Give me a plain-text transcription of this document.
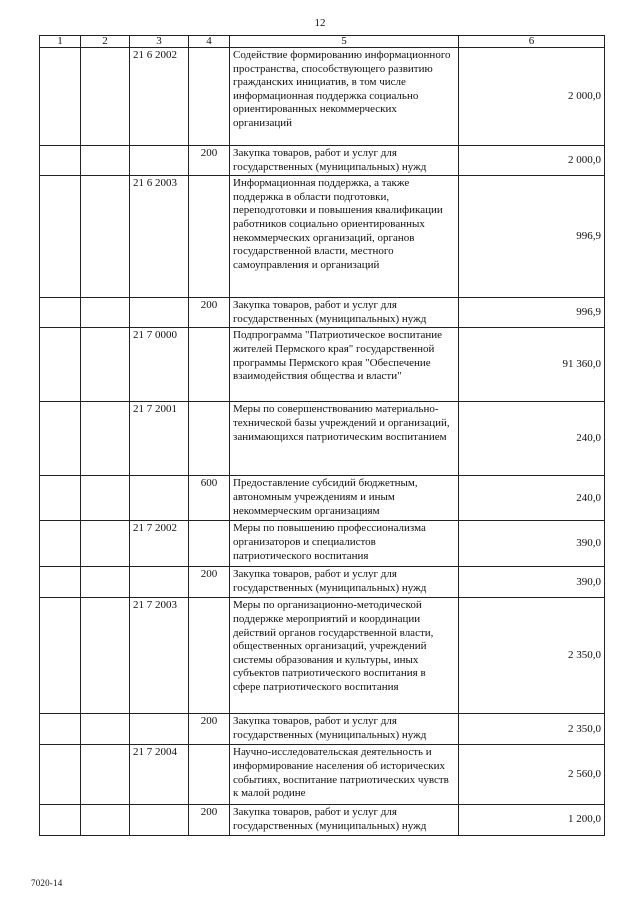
12
1	2	3	4	5	6
		21 6 2002		Содействие формированию информационного пространства, способствующего развитию гражданских инициатив, в том числе информационная поддержка социально ориентированных некоммерческих организаций	2 000,0
			200	Закупка товаров, работ и услуг для государственных (муниципальных) нужд	2 000,0
		21 6 2003		Информационная поддержка, а также поддержка в области подготовки, переподготовки и повышения квалификации работников социально ориентированных некоммерческих организаций, органов государственной власти, местного самоуправления и организаций	996,9
			200	Закупка товаров, работ и услуг для государственных (муниципальных) нужд	996,9
		21 7 0000		Подпрограмма "Патриотическое воспитание жителей Пермского края" государственной программы Пермского края "Обеспечение взаимодействия общества и власти"	91 360,0
		21 7 2001		Меры по совершенствованию материально-технической базы учреждений и организаций, занимающихся патриотическим воспитанием	240,0
			600	Предоставление субсидий бюджетным, автономным учреждениям и иным некоммерческим организациям	240,0
		21 7 2002		Меры по повышению профессионализма организаторов и специалистов патриотического воспитания	390,0
			200	Закупка товаров, работ и услуг для государственных (муниципальных) нужд	390,0
		21 7 2003		Меры по организационно-методической поддержке мероприятий и координации действий органов государственной власти, общественных организаций, учреждений системы образования и культуры, иных субъектов патриотического воспитания в сфере патриотического воспитания	2 350,0
			200	Закупка товаров, работ и услуг для государственных (муниципальных) нужд	2 350,0
		21 7 2004		Научно-исследовательская деятельность и информирование населения об исторических событиях, воспитание патриотических чувств к малой родине	2 560,0
			200	Закупка товаров, работ и услуг для государственных (муниципальных) нужд	1 200,0
7020-14
